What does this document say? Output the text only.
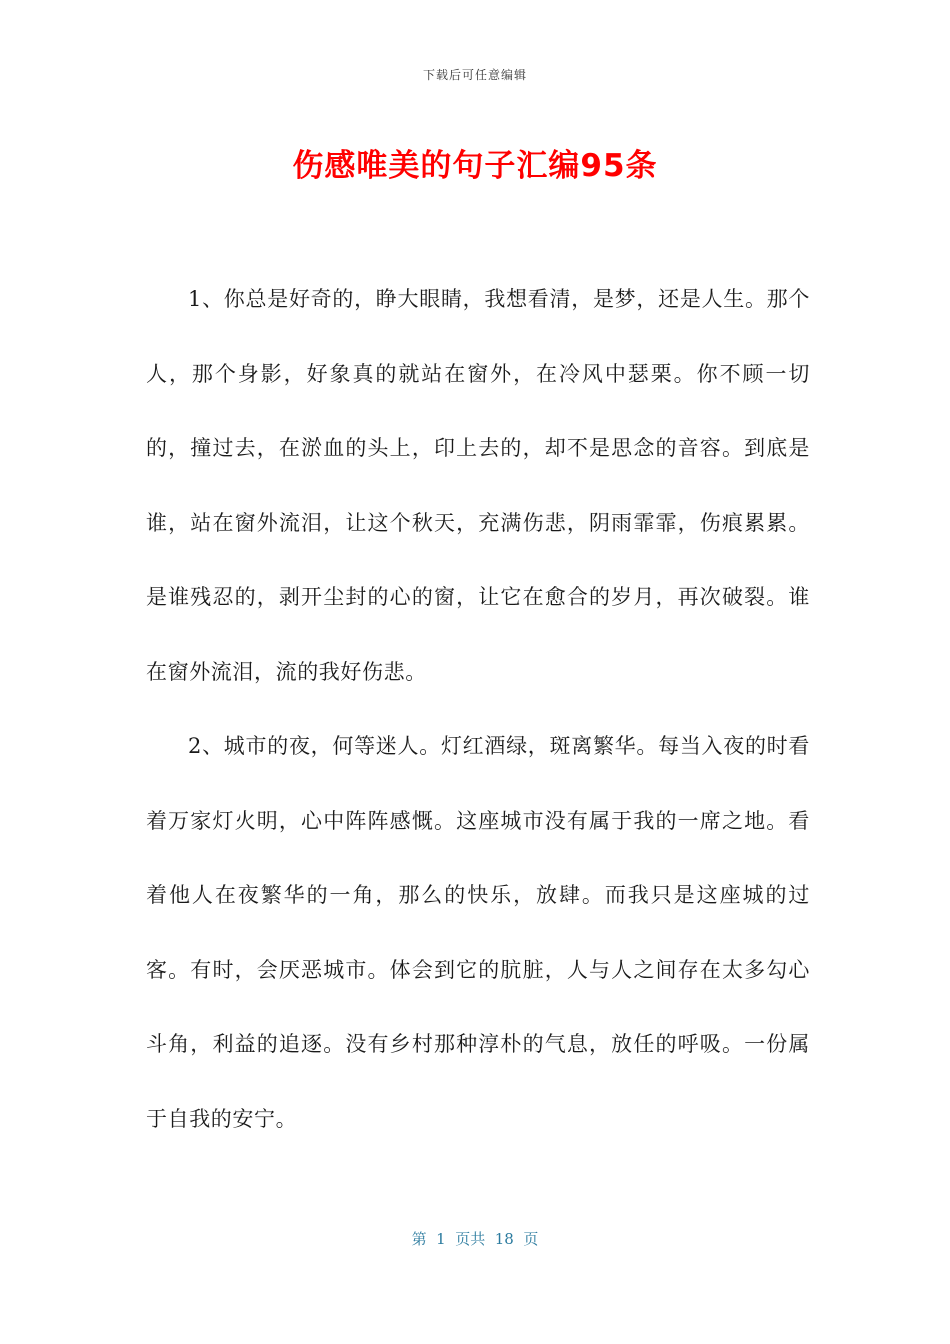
下载后可任意编辑
伤感唯美的句子汇编95条

1、你总是好奇的，睁大眼睛，我想看清，是梦，还是人生。那个人，那个身影，好象真的就站在窗外，在冷风中瑟栗。你不顾一切的，撞过去，在淤血的头上，印上去的，却不是思念的音容。到底是谁，站在窗外流泪，让这个秋天，充满伤悲，阴雨霏霏，伤痕累累。是谁残忍的，剥开尘封的心的窗，让它在愈合的岁月，再次破裂。谁在窗外流泪，流的我好伤悲。

2、城市的夜，何等迷人。灯红酒绿，斑离繁华。每当入夜的时看着万家灯火明，心中阵阵感慨。这座城市没有属于我的一席之地。看着他人在夜繁华的一角，那么的快乐，放肆。而我只是这座城的过客。有时，会厌恶城市。体会到它的肮脏，人与人之间存在太多勾心斗角，利益的追逐。没有乡村那种淳朴的气息，放任的呼吸。一份属于自我的安宁。

第  1  页共  18  页
